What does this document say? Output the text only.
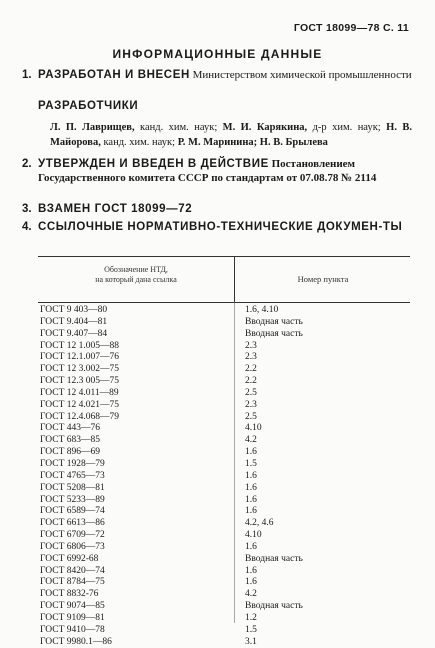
ГОСТ 18099—78 С. 11
ИНФОРМАЦИОННЫЕ ДАННЫЕ
1. РАЗРАБОТАН И ВНЕСЕН Министерством химической промышленности
РАЗРАБОТЧИКИ
Л. П. Лаврищев, канд. хим. наук; М. И. Карякина, д-р хим. наук; Н. В. Майорова, канд. хим. наук; Р. М. Маринина; Н. В. Брылева
2. УТВЕРЖДЕН И ВВЕДЕН В ДЕЙСТВИЕ Постановлением Государственного комитета СССР по стандартам от 07.08.78 № 2114
3. ВЗАМЕН ГОСТ 18099—72
4. ССЫЛОЧНЫЕ НОРМАТИВНО-ТЕХНИЧЕСКИЕ ДОКУМЕН-ТЫ
Обозначение НТД,
на который дана ссылка	Номер пункта
ГОСТ 9 403—80	1.6, 4.10
ГОСТ 9.404—81	Вводная часть
ГОСТ 9.407—84	Вводная часть
ГОСТ 12 1.005—88	2.3
ГОСТ 12.1.007—76	2.3
ГОСТ 12 3.002—75	2.2
ГОСТ 12.3 005—75	2.2
ГОСТ 12 4.011—89	2.5
ГОСТ 12 4.021—75	2.3
ГОСТ 12.4.068—79	2.5
ГОСТ 443—76	4.10
ГОСТ 683—85	4.2
ГОСТ 896—69	1.6
ГОСТ 1928—79	1.5
ГОСТ 4765—73	1.6
ГОСТ 5208—81	1.6
ГОСТ 5233—89	1.6
ГОСТ 6589—74	1.6
ГОСТ 6613—86	4.2, 4.6
ГОСТ 6709—72	4.10
ГОСТ 6806—73	1.6
ГОСТ 6992-68	Вводная часть
ГОСТ 8420—74	1.6
ГОСТ 8784—75	1.6
ГОСТ 8832-76	4.2
ГОСТ 9074—85	Вводная часть
ГОСТ 9109—81	1.2
ГОСТ 9410—78	1.5
ГОСТ 9980.1—86	3.1
